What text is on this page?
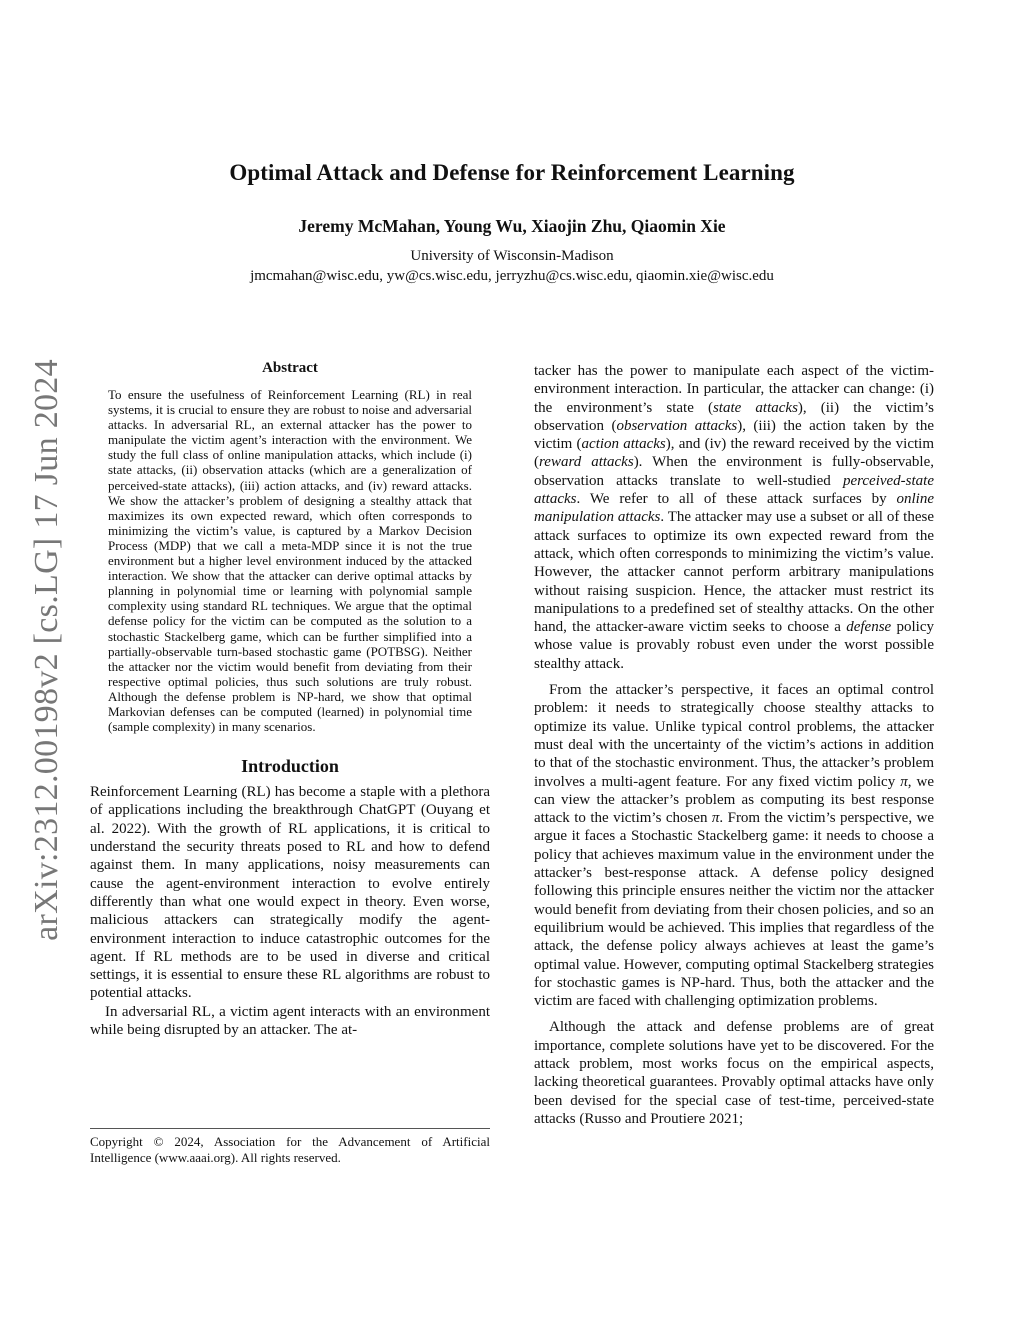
Optimal Attack and Defense for Reinforcement Learning
Jeremy McMahan, Young Wu, Xiaojin Zhu, Qiaomin Xie
University of Wisconsin-Madison
jmcmahan@wisc.edu, yw@cs.wisc.edu, jerryzhu@cs.wisc.edu, qiaomin.xie@wisc.edu
arXiv:2312.00198v2 [cs.LG] 17 Jun 2024	Abstract

To ensure the usefulness of Reinforcement Learning (RL) in real systems, it is crucial to ensure they are robust to noise and adversarial attacks. In adversarial RL, an external attacker has the power to manipulate the victim agent’s interaction with the environment. We study the full class of online manipulation attacks, which include (i) state attacks, (ii) observation attacks (which are a generalization of perceived-state attacks), (iii) action attacks, and (iv) reward attacks. We show the attacker’s problem of designing a stealthy attack that maximizes its own expected reward, which often corresponds to minimizing the victim’s value, is captured by a Markov Decision Process (MDP) that we call a meta-MDP since it is not the true environment but a higher level environment induced by the attacked interaction. We show that the attacker can derive optimal attacks by planning in polynomial time or learning with polynomial sample complexity using standard RL techniques. We argue that the optimal defense policy for the victim can be computed as the solution to a stochastic Stackelberg game, which can be further simplified into a partially-observable turn-based stochastic game (POTBSG). Neither the attacker nor the victim would benefit from deviating from their respective optimal policies, thus such solutions are truly robust. Although the defense problem is NP-hard, we show that optimal Markovian defenses can be computed (learned) in polynomial time (sample complexity) in many scenarios.

Introduction

Reinforcement Learning (RL) has become a staple with a plethora of applications including the breakthrough ChatGPT (Ouyang et al. 2022). With the growth of RL applications, it is critical to understand the security threats posed to RL and how to defend against them. In many applications, noisy measurements can cause the agent-environment interaction to evolve entirely differently than what one would expect in theory. Even worse, malicious attackers can strategically modify the agent-environment interaction to induce catastrophic outcomes for the agent. If RL methods are to be used in diverse and critical settings, it is essential to ensure these RL algorithms are robust to potential attacks.

In adversarial RL, a victim agent interacts with an environment while being disrupted by an attacker. The at-

Copyright © 2024, Association for the Advancement of Artificial Intelligence (www.aaai.org). All rights reserved.

tacker has the power to manipulate each aspect of the victim-environment interaction. In particular, the attacker can change: (i) the environment’s state (state attacks), (ii) the victim’s observation (observation attacks), (iii) the action taken by the victim (action attacks), and (iv) the reward received by the victim (reward attacks). When the environment is fully-observable, observation attacks translate to well-studied perceived-state attacks. We refer to all of these attack surfaces by online manipulation attacks. The attacker may use a subset or all of these attack surfaces to optimize its own expected reward from the attack, which often corresponds to minimizing the victim’s value. However, the attacker cannot perform arbitrary manipulations without raising suspicion. Hence, the attacker must restrict its manipulations to a predefined set of stealthy attacks. On the other hand, the attacker-aware victim seeks to choose a defense policy whose value is provably robust even under the worst possible stealthy attack.

From the attacker’s perspective, it faces an optimal control problem: it needs to strategically choose stealthy attacks to optimize its value. Unlike typical control problems, the attacker must deal with the uncertainty of the victim’s actions in addition to that of the stochastic environment. Thus, the attacker’s problem involves a multi-agent feature. For any fixed victim policy π, we can view the attacker’s problem as computing its best response attack to the victim’s chosen π. From the victim’s perspective, we argue it faces a Stochastic Stackelberg game: it needs to choose a policy that achieves maximum value in the environment under the attacker’s best-response attack. A defense policy designed following this principle ensures neither the victim nor the attacker would benefit from deviating from their chosen policies, and so an equilibrium would be achieved. This implies that regardless of the attack, the defense policy always achieves at least the game’s optimal value. However, computing optimal Stackelberg strategies for stochastic games is NP-hard. Thus, both the attacker and the victim are faced with challenging optimization problems.

Although the attack and defense problems are of great importance, complete solutions have yet to be discovered. For the attack problem, most works focus on the empirical aspects, lacking theoretical guarantees. Provably optimal attacks have only been devised for the special case of test-time, perceived-state attacks (Russo and Proutiere 2021;
